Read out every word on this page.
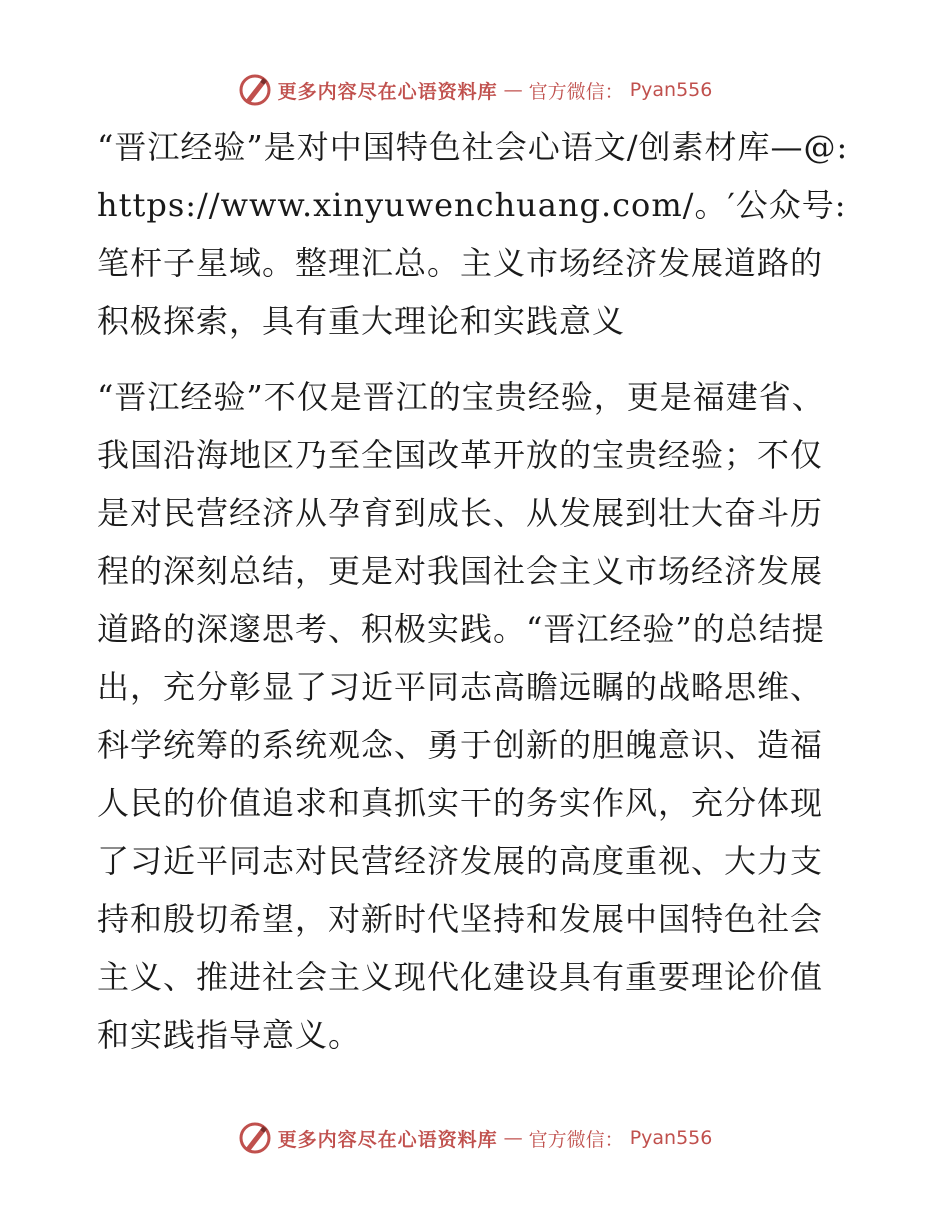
更多内容尽在心语资料库 — 官方微信： Pyan556

“晋江经验”是对中国特色社会心语文/创素材库—@: https://www.xinyuwenchuang.com/。′公众号: 笔杆子星域。整理汇总。主义市场经济发展道路的积极探索，具有重大理论和实践意义

“晋江经验”不仅是晋江的宝贵经验，更是福建省、我国沿海地区乃至全国改革开放的宝贵经验；不仅是对民营经济从孕育到成长、从发展到壮大奋斗历程的深刻总结，更是对我国社会主义市场经济发展道路的深邃思考、积极实践。“晋江经验”的总结提出，充分彰显了习近平同志高瞻远瞩的战略思维、科学统筹的系统观念、勇于创新的胆魄意识、造福人民的价值追求和真抓实干的务实作风，充分体现了习近平同志对民营经济发展的高度重视、大力支持和殷切希望，对新时代坚持和发展中国特色社会主义、推进社会主义现代化建设具有重要理论价值和实践指导意义。

更多内容尽在心语资料库 — 官方微信： Pyan556
